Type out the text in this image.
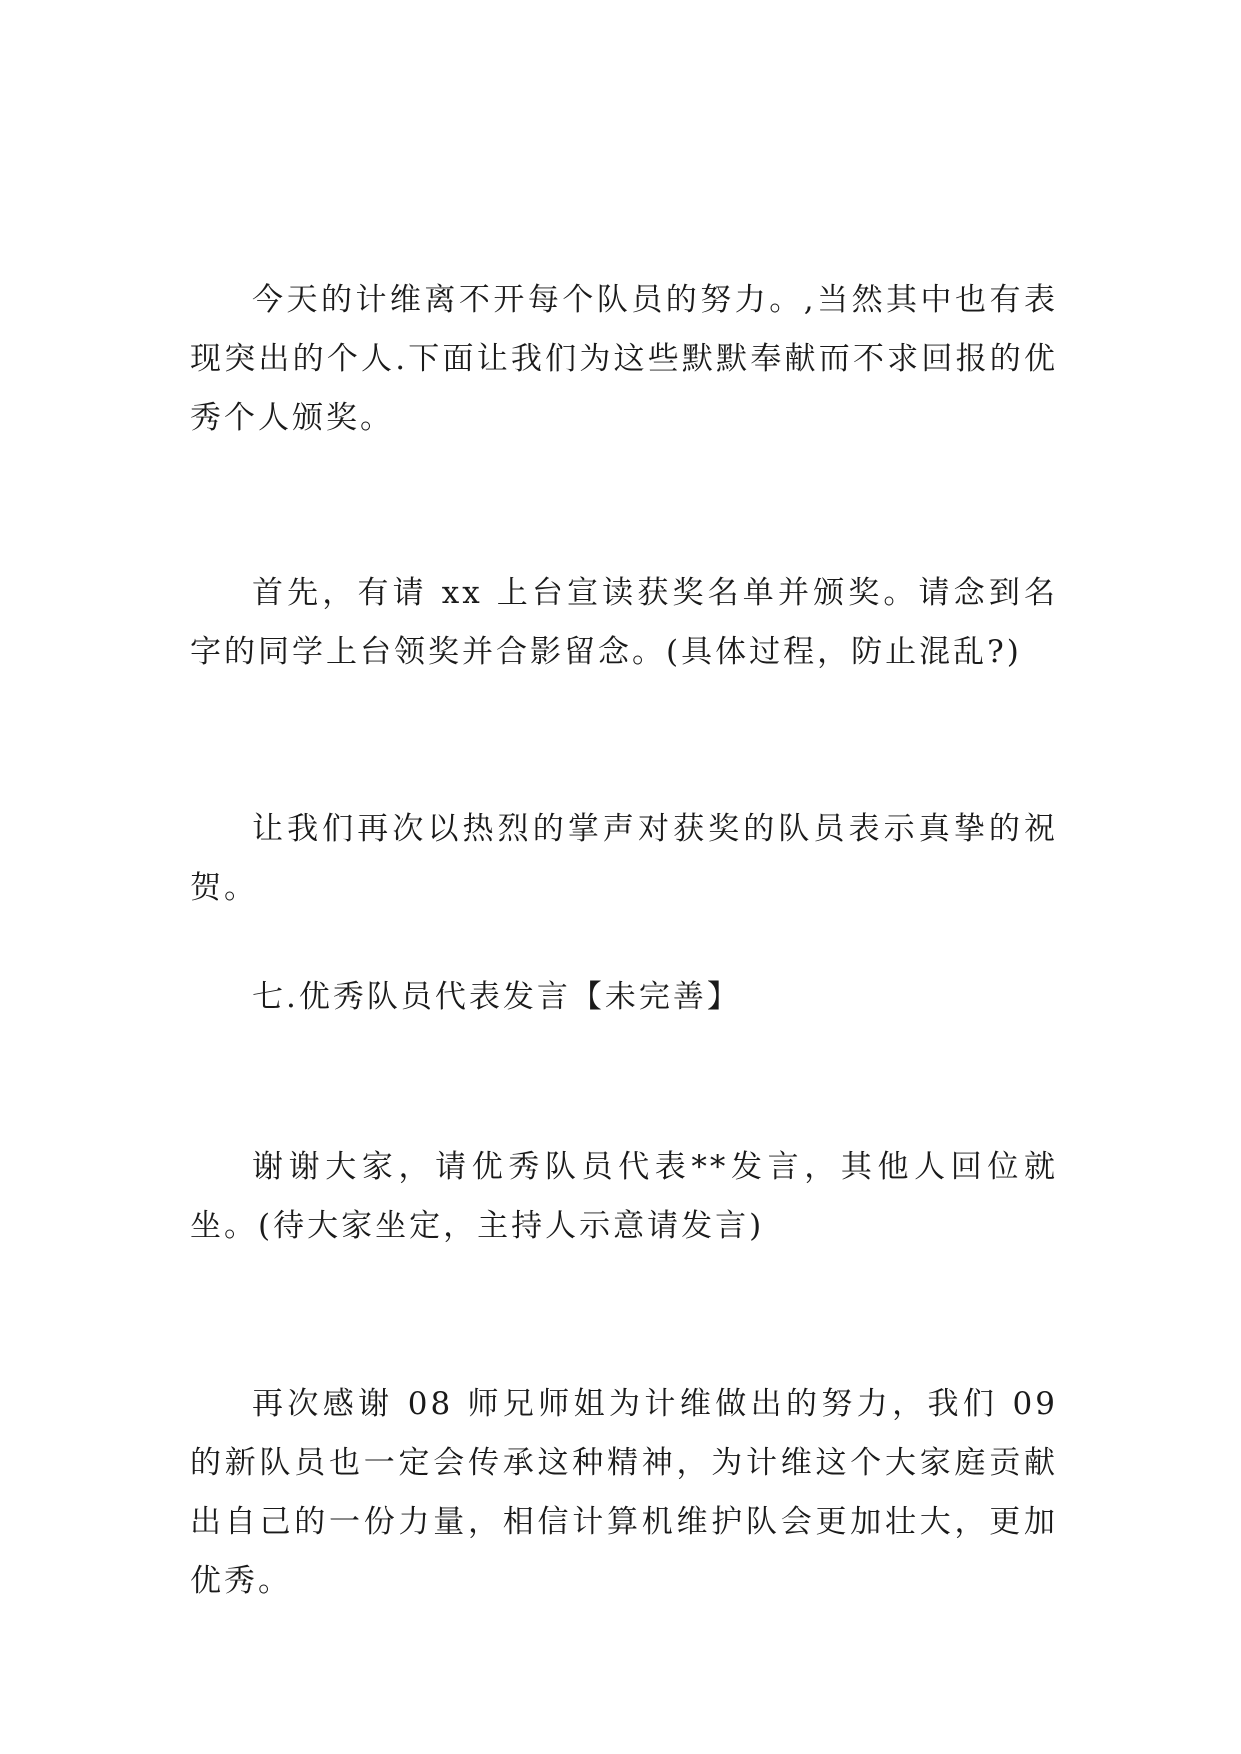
今天的计维离不开每个队员的努力。,当然其中也有表现突出的个人.下面让我们为这些默默奉献而不求回报的优秀个人颁奖。

首先，有请 xx 上台宣读获奖名单并颁奖。请念到名字的同学上台领奖并合影留念。(具体过程，防止混乱?)

让我们再次以热烈的掌声对获奖的队员表示真挚的祝贺。

七.优秀队员代表发言【未完善】

谢谢大家，请优秀队员代表**发言，其他人回位就坐。(待大家坐定，主持人示意请发言)

再次感谢 08 师兄师姐为计维做出的努力，我们 09 的新队员也一定会传承这种精神，为计维这个大家庭贡献出自己的一份力量，相信计算机维护队会更加壮大，更加优秀。
